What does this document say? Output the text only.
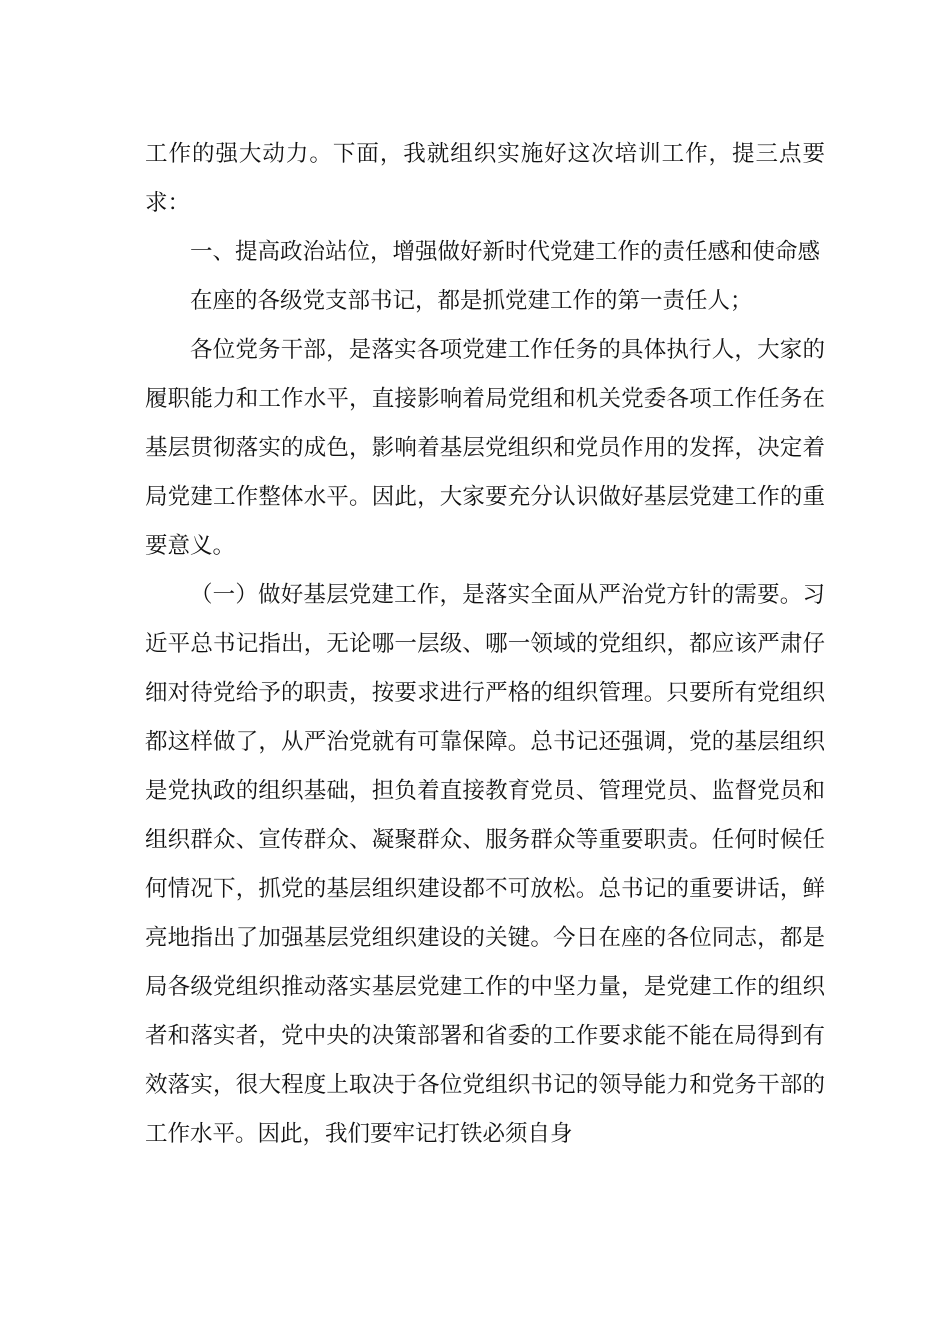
工作的强大动力。下面，我就组织实施好这次培训工作，提三点要求：

一、提高政治站位，增强做好新时代党建工作的责任感和使命感

在座的各级党支部书记，都是抓党建工作的第一责任人；

各位党务干部，是落实各项党建工作任务的具体执行人，大家的履职能力和工作水平，直接影响着局党组和机关党委各项工作任务在基层贯彻落实的成色，影响着基层党组织和党员作用的发挥，决定着局党建工作整体水平。因此，大家要充分认识做好基层党建工作的重要意义。

（一）做好基层党建工作，是落实全面从严治党方针的需要。习近平总书记指出，无论哪一层级、哪一领域的党组织，都应该严肃仔细对待党给予的职责，按要求进行严格的组织管理。只要所有党组织都这样做了，从严治党就有可靠保障。总书记还强调，党的基层组织是党执政的组织基础，担负着直接教育党员、管理党员、监督党员和组织群众、宣传群众、凝聚群众、服务群众等重要职责。任何时候任何情况下，抓党的基层组织建设都不可放松。总书记的重要讲话，鲜亮地指出了加强基层党组织建设的关键。今日在座的各位同志，都是局各级党组织推动落实基层党建工作的中坚力量，是党建工作的组织者和落实者，党中央的决策部署和省委的工作要求能不能在局得到有效落实，很大程度上取决于各位党组织书记的领导能力和党务干部的工作水平。因此，我们要牢记打铁必须自身
